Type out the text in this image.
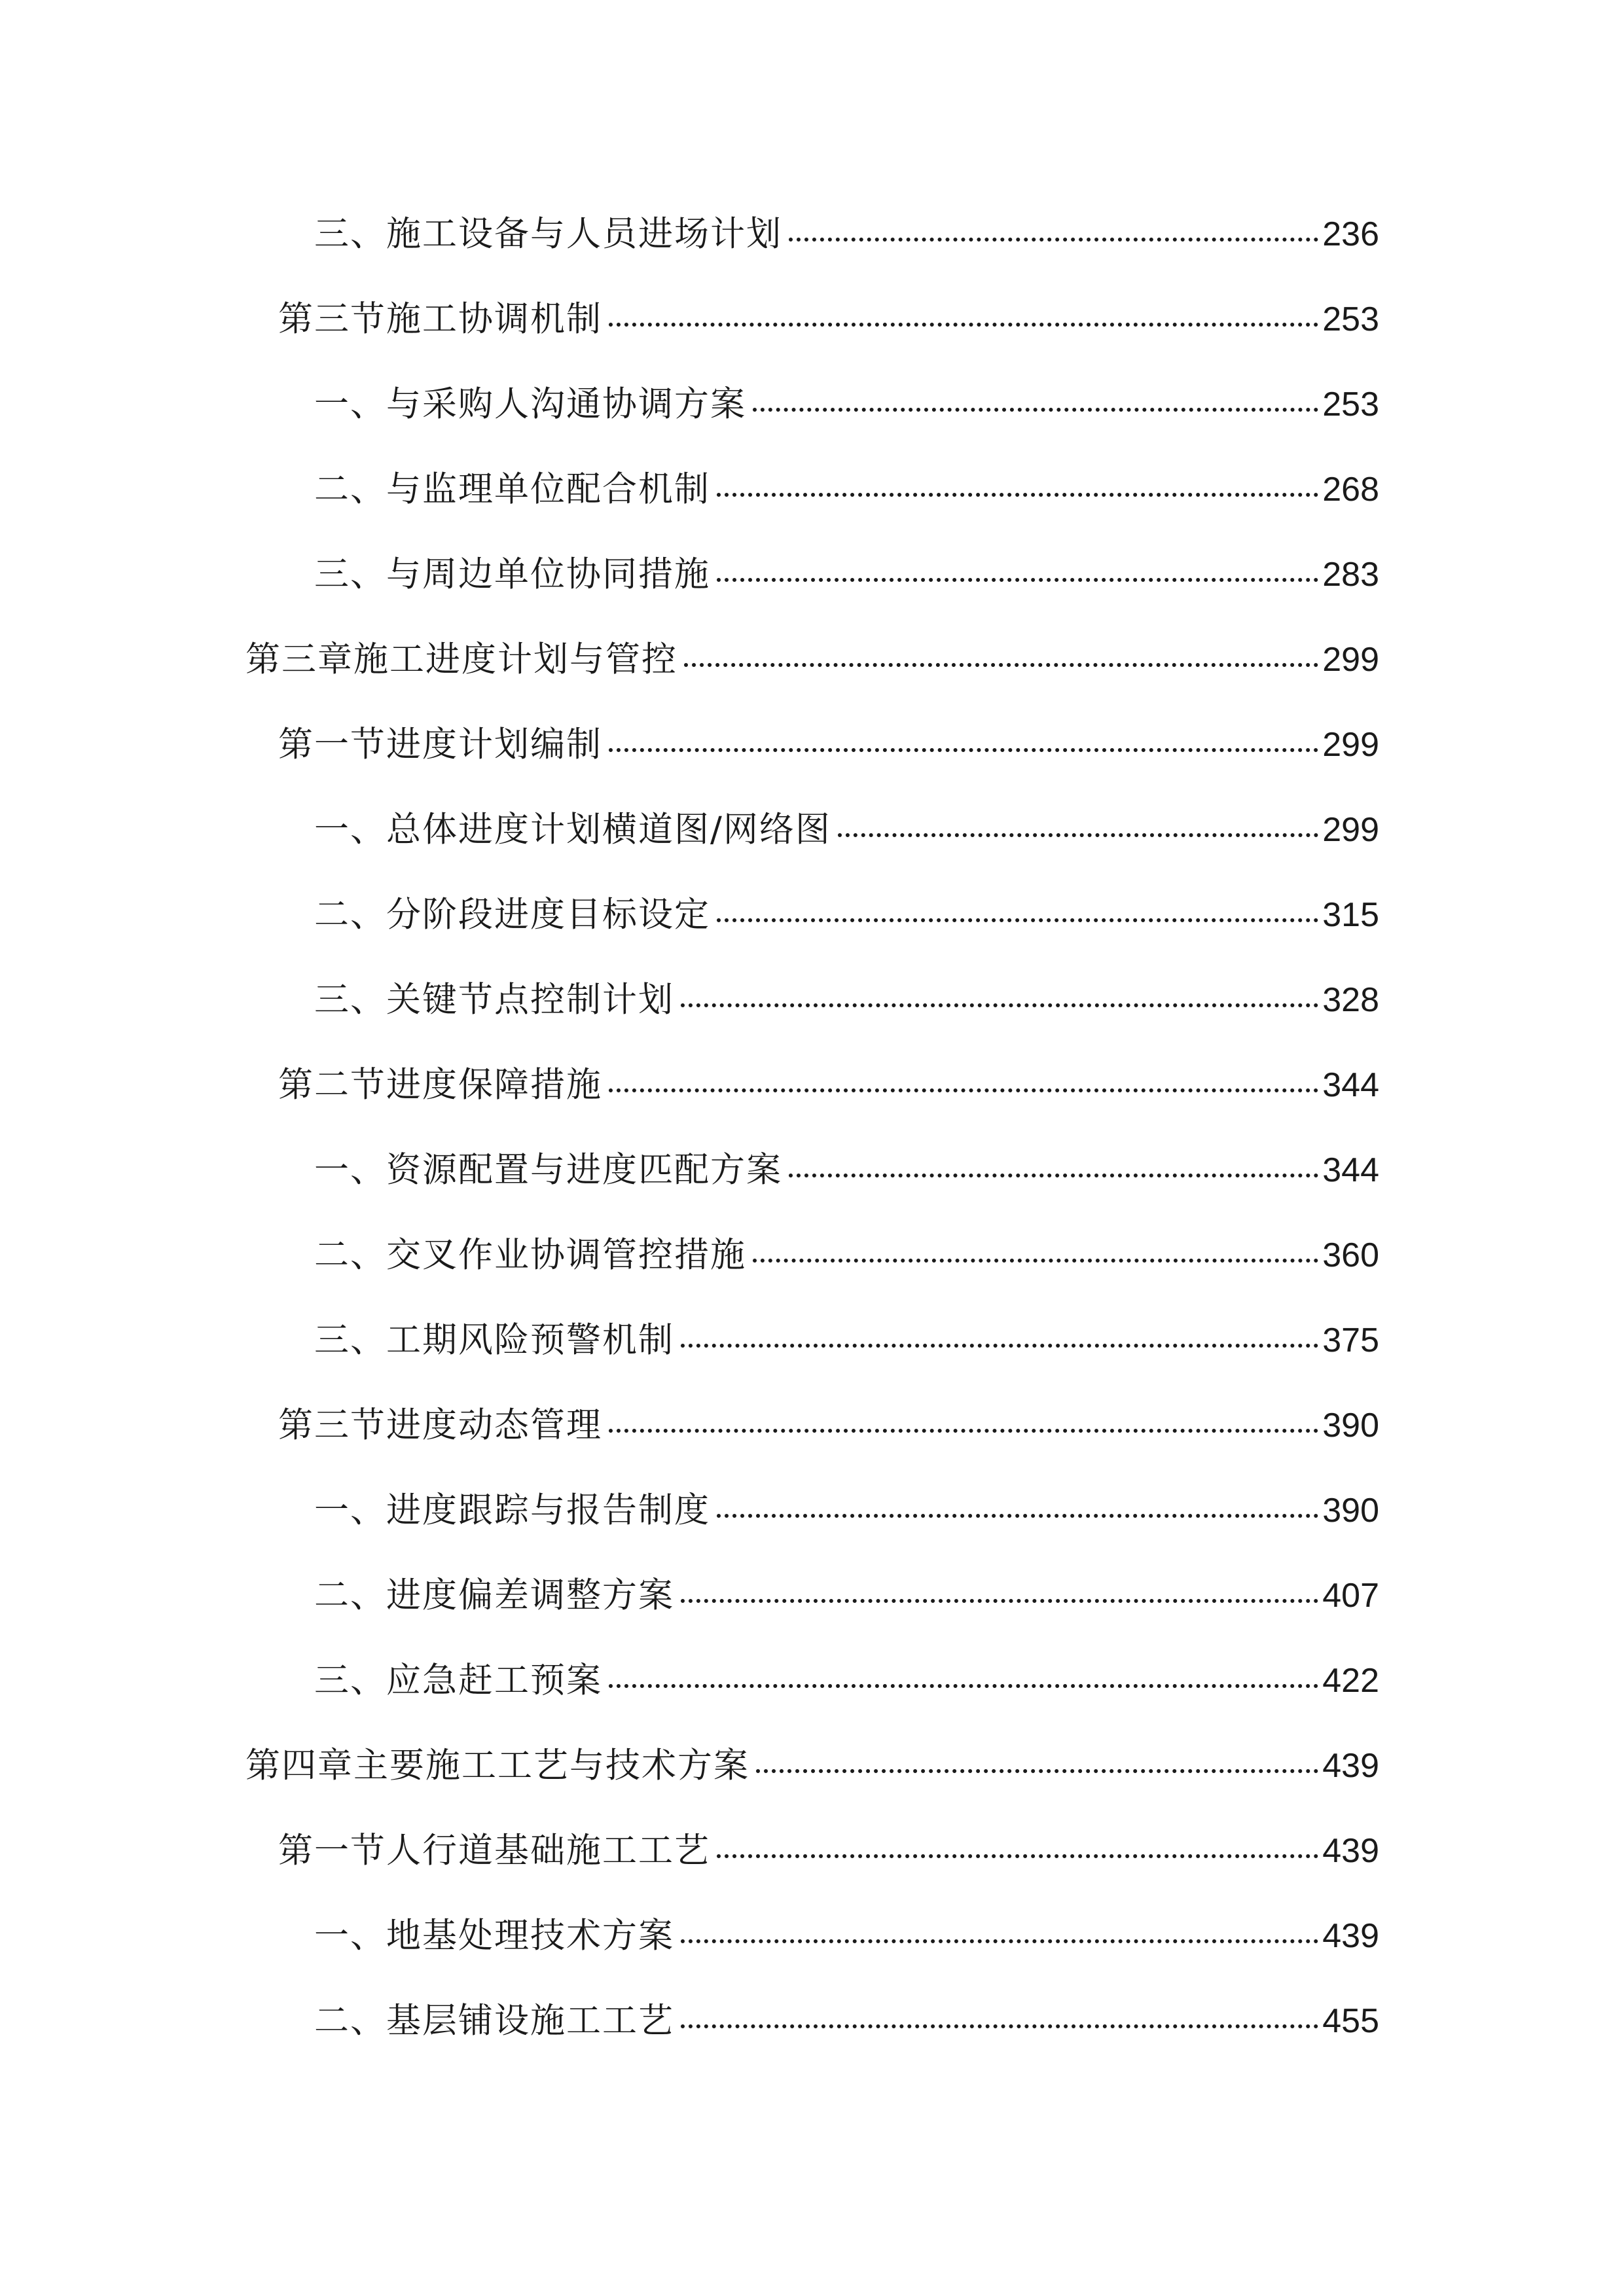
三、施工设备与人员进场计划	236
第三节施工协调机制	253
一、与采购人沟通协调方案	253
二、与监理单位配合机制	268
三、与周边单位协同措施	283
第三章施工进度计划与管控	299
第一节进度计划编制	299
一、总体进度计划横道图/网络图	299
二、分阶段进度目标设定	315
三、关键节点控制计划	328
第二节进度保障措施	344
一、资源配置与进度匹配方案	344
二、交叉作业协调管控措施	360
三、工期风险预警机制	375
第三节进度动态管理	390
一、进度跟踪与报告制度	390
二、进度偏差调整方案	407
三、应急赶工预案	422
第四章主要施工工艺与技术方案	439
第一节人行道基础施工工艺	439
一、地基处理技术方案	439
二、基层铺设施工工艺	455
